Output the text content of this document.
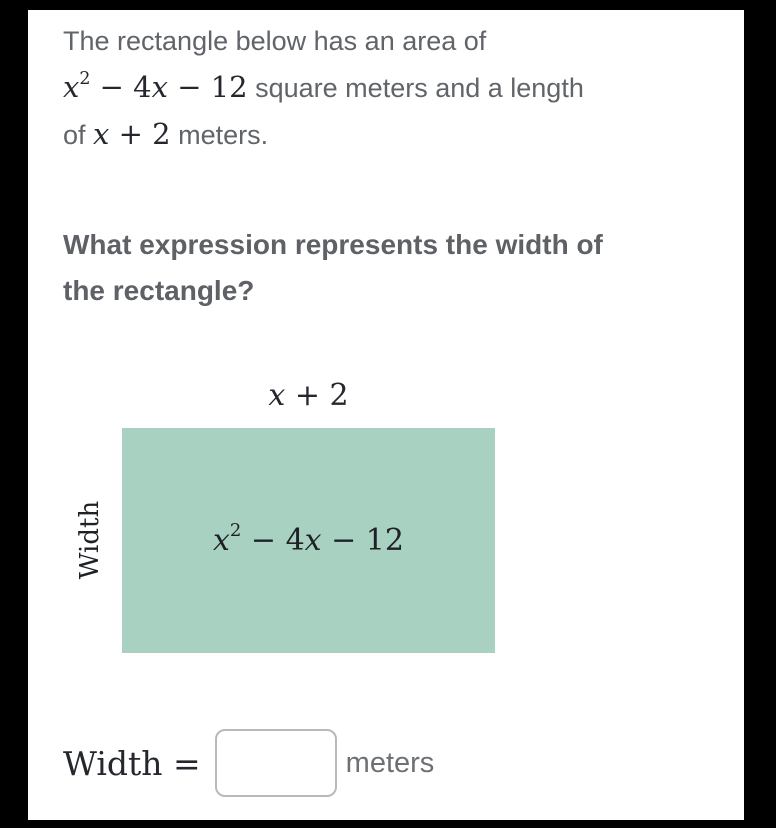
The rectangle below has an area of
$x^2 - 4x - 12$ square meters and a length
of x + 2 meters.
What expression represents the width of
the rectangle?
x + 2
$x^2 - 4x - 12$
Width
Width =	meters
